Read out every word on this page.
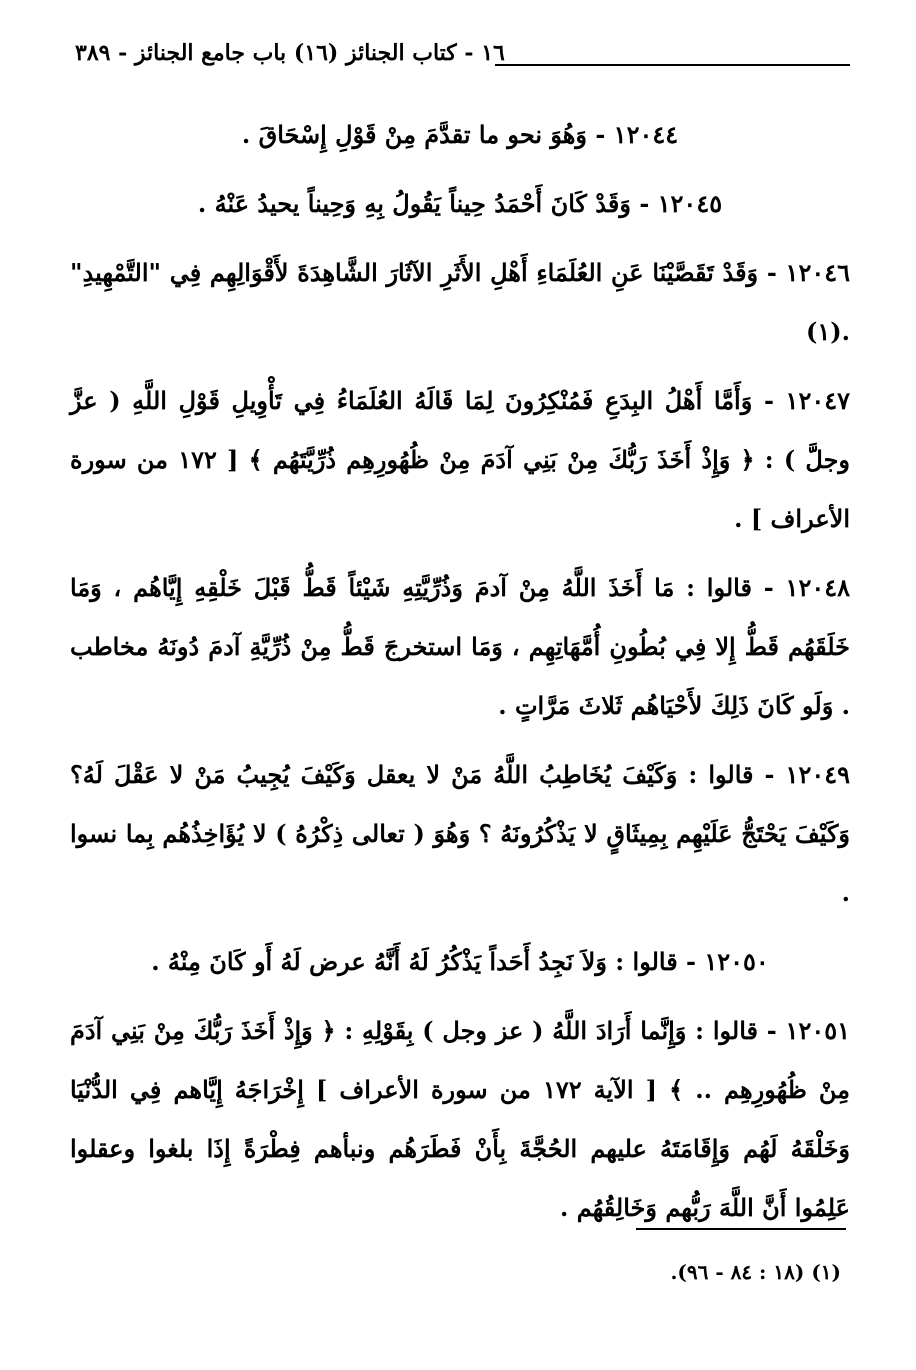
١٦ - كتاب الجنائز (١٦) باب جامع الجنائز - ٣٨٩

١٢٠٤٤ - وَهُوَ نحو ما تقدَّمَ مِنْ قَوْلِ إِسْحَاقَ .

١٢٠٤٥ - وَقَدْ كَانَ أَحْمَدُ حِيناً يَقُولُ بِهِ وَحِيناً يحيدُ عَنْهُ .

١٢٠٤٦ - وَقَدْ تَقَصَّيْنَا عَنِ العُلَمَاءِ أَهْلِ الأَثَرِ الآثَارَ الشَّاهِدَةَ لأَقْوَالِهِم فِي "التَّمْهِيدِ" .(١)

١٢٠٤٧ - وَأَمَّا أَهْلُ البِدَعِ فَمُنْكِرُونَ لِمَا قَالَهُ العُلَمَاءُ فِي تَأْوِيلِ قَوْلِ اللَّهِ ( عزَّ وجلَّ ) : ﴿ وَإِذْ أَخَذَ رَبُّكَ مِنْ بَنِي آدَمَ مِنْ ظُهُورِهِم ذُرِّيَّتَهُم ﴾ [ ١٧٢ من سورة الأعراف ] .

١٢٠٤٨ - قالوا : مَا أَخَذَ اللَّهُ مِنْ آدمَ وَذُرِّيَّتِهِ شَيْئاً قَطُّ قَبْلَ خَلْقِهِ إِيَّاهُم ، وَمَا خَلَقَهُم قَطُّ إِلا فِي بُطُونِ أُمَّهَاتِهِم ، وَمَا استخرجَ قَطُّ مِنْ ذُرِّيَّةِ آدمَ دُونَهُ مخاطب . وَلَو كَانَ ذَلِكَ لأَحْيَاهُم ثَلاثَ مَرَّاتٍ .

١٢٠٤٩ - قالوا : وَكَيْفَ يُخَاطِبُ اللَّهُ مَنْ لا يعقل وَكَيْفَ يُجِيبُ مَنْ لا عَقْلَ لَهُ؟ وَكَيْفَ يَحْتَجُّ عَلَيْهِم بِمِيثَاقٍ لا يَذْكُرُونَهُ ؟ وَهُوَ ( تعالى ذِكْرُهُ ) لا يُؤَاخِذُهُم بِما نسوا .

١٢٠٥٠ - قالوا : وَلاَ نَجِدُ أَحَداً يَذْكُرُ لَهُ أَنَّهُ عرض لَهُ أَو كَانَ مِنْهُ .

١٢٠٥١ - قالوا : وَإِنَّما أَرَادَ اللَّهُ ( عز وجل ) بِقَوْلِهِ : ﴿ وَإِذْ أَخَذَ رَبُّكَ مِنْ بَنِي آدَمَ مِنْ ظُهُورِهِم .. ﴾ [ الآية ١٧٢ من سورة الأعراف ] إِخْرَاجَهُ إِيَّاهم فِي الدُّنْيَا وَخَلْقَهُ لَهُم وَإِقَامَتَهُ عليهم الحُجَّةَ بِأَنْ فَطَرَهُم ونبأهم فِطْرَةً إِذَا بلغوا وعقلوا عَلِمُوا أَنَّ اللَّهَ رَبُّهم وَخَالِقُهُم .

(١) (١٨ : ٨٤ - ٩٦).
